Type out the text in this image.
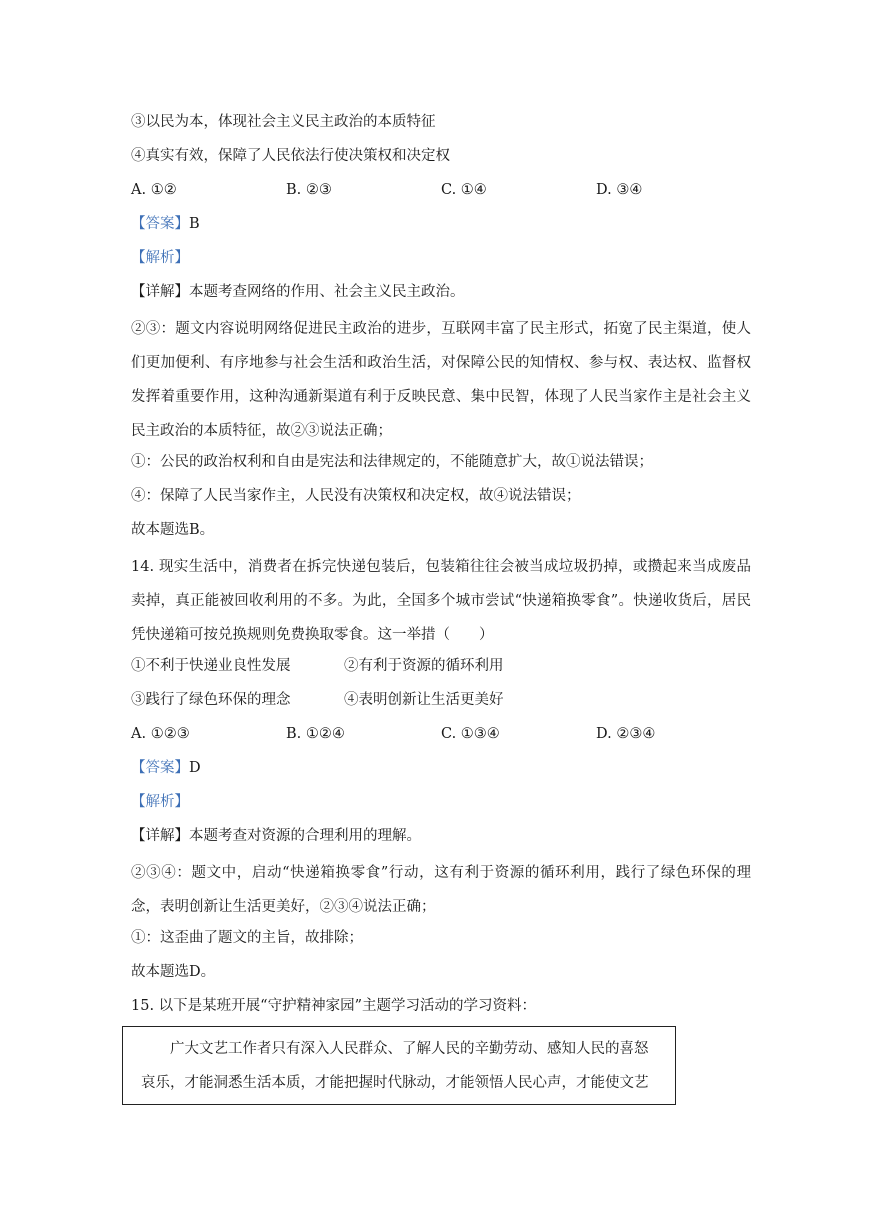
③以民为本，体现社会主义民主政治的本质特征
④真实有效，保障了人民依法行使决策权和决定权
A. ①②	B. ②③	C. ①④	D. ③④
【答案】B
【解析】
【详解】本题考查网络的作用、社会主义民主政治。
②③：题文内容说明网络促进民主政治的进步，互联网丰富了民主形式，拓宽了民主渠道，使人们更加便利、有序地参与社会生活和政治生活，对保障公民的知情权、参与权、表达权、监督权发挥着重要作用，这种沟通新渠道有利于反映民意、集中民智，体现了人民当家作主是社会主义民主政治的本质特征，故②③说法正确；
①：公民的政治权利和自由是宪法和法律规定的，不能随意扩大，故①说法错误；
④：保障了人民当家作主，人民没有决策权和决定权，故④说法错误；
故本题选B。
14. 现实生活中，消费者在拆完快递包装后，包装箱往往会被当成垃圾扔掉，或攒起来当成废品卖掉，真正能被回收利用的不多。为此，全国多个城市尝试“快递箱换零食”。快递收货后，居民凭快递箱可按兑换规则免费换取零食。这一举措（　　）
①不利于快递业良性发展	②有利于资源的循环利用
③践行了绿色环保的理念	④表明创新让生活更美好
A. ①②③	B. ①②④	C. ①③④	D. ②③④
【答案】D
【解析】
【详解】本题考查对资源的合理利用的理解。
②③④：题文中，启动“快递箱换零食”行动，这有利于资源的循环利用，践行了绿色环保的理念，表明创新让生活更美好，②③④说法正确；
①：这歪曲了题文的主旨，故排除；
故本题选D。
15. 以下是某班开展“守护精神家园”主题学习活动的学习资料：
广大文艺工作者只有深入人民群众、了解人民的辛勤劳动、感知人民的喜怒哀乐，才能洞悉生活本质，才能把握时代脉动，才能领悟人民心声，才能使文艺
